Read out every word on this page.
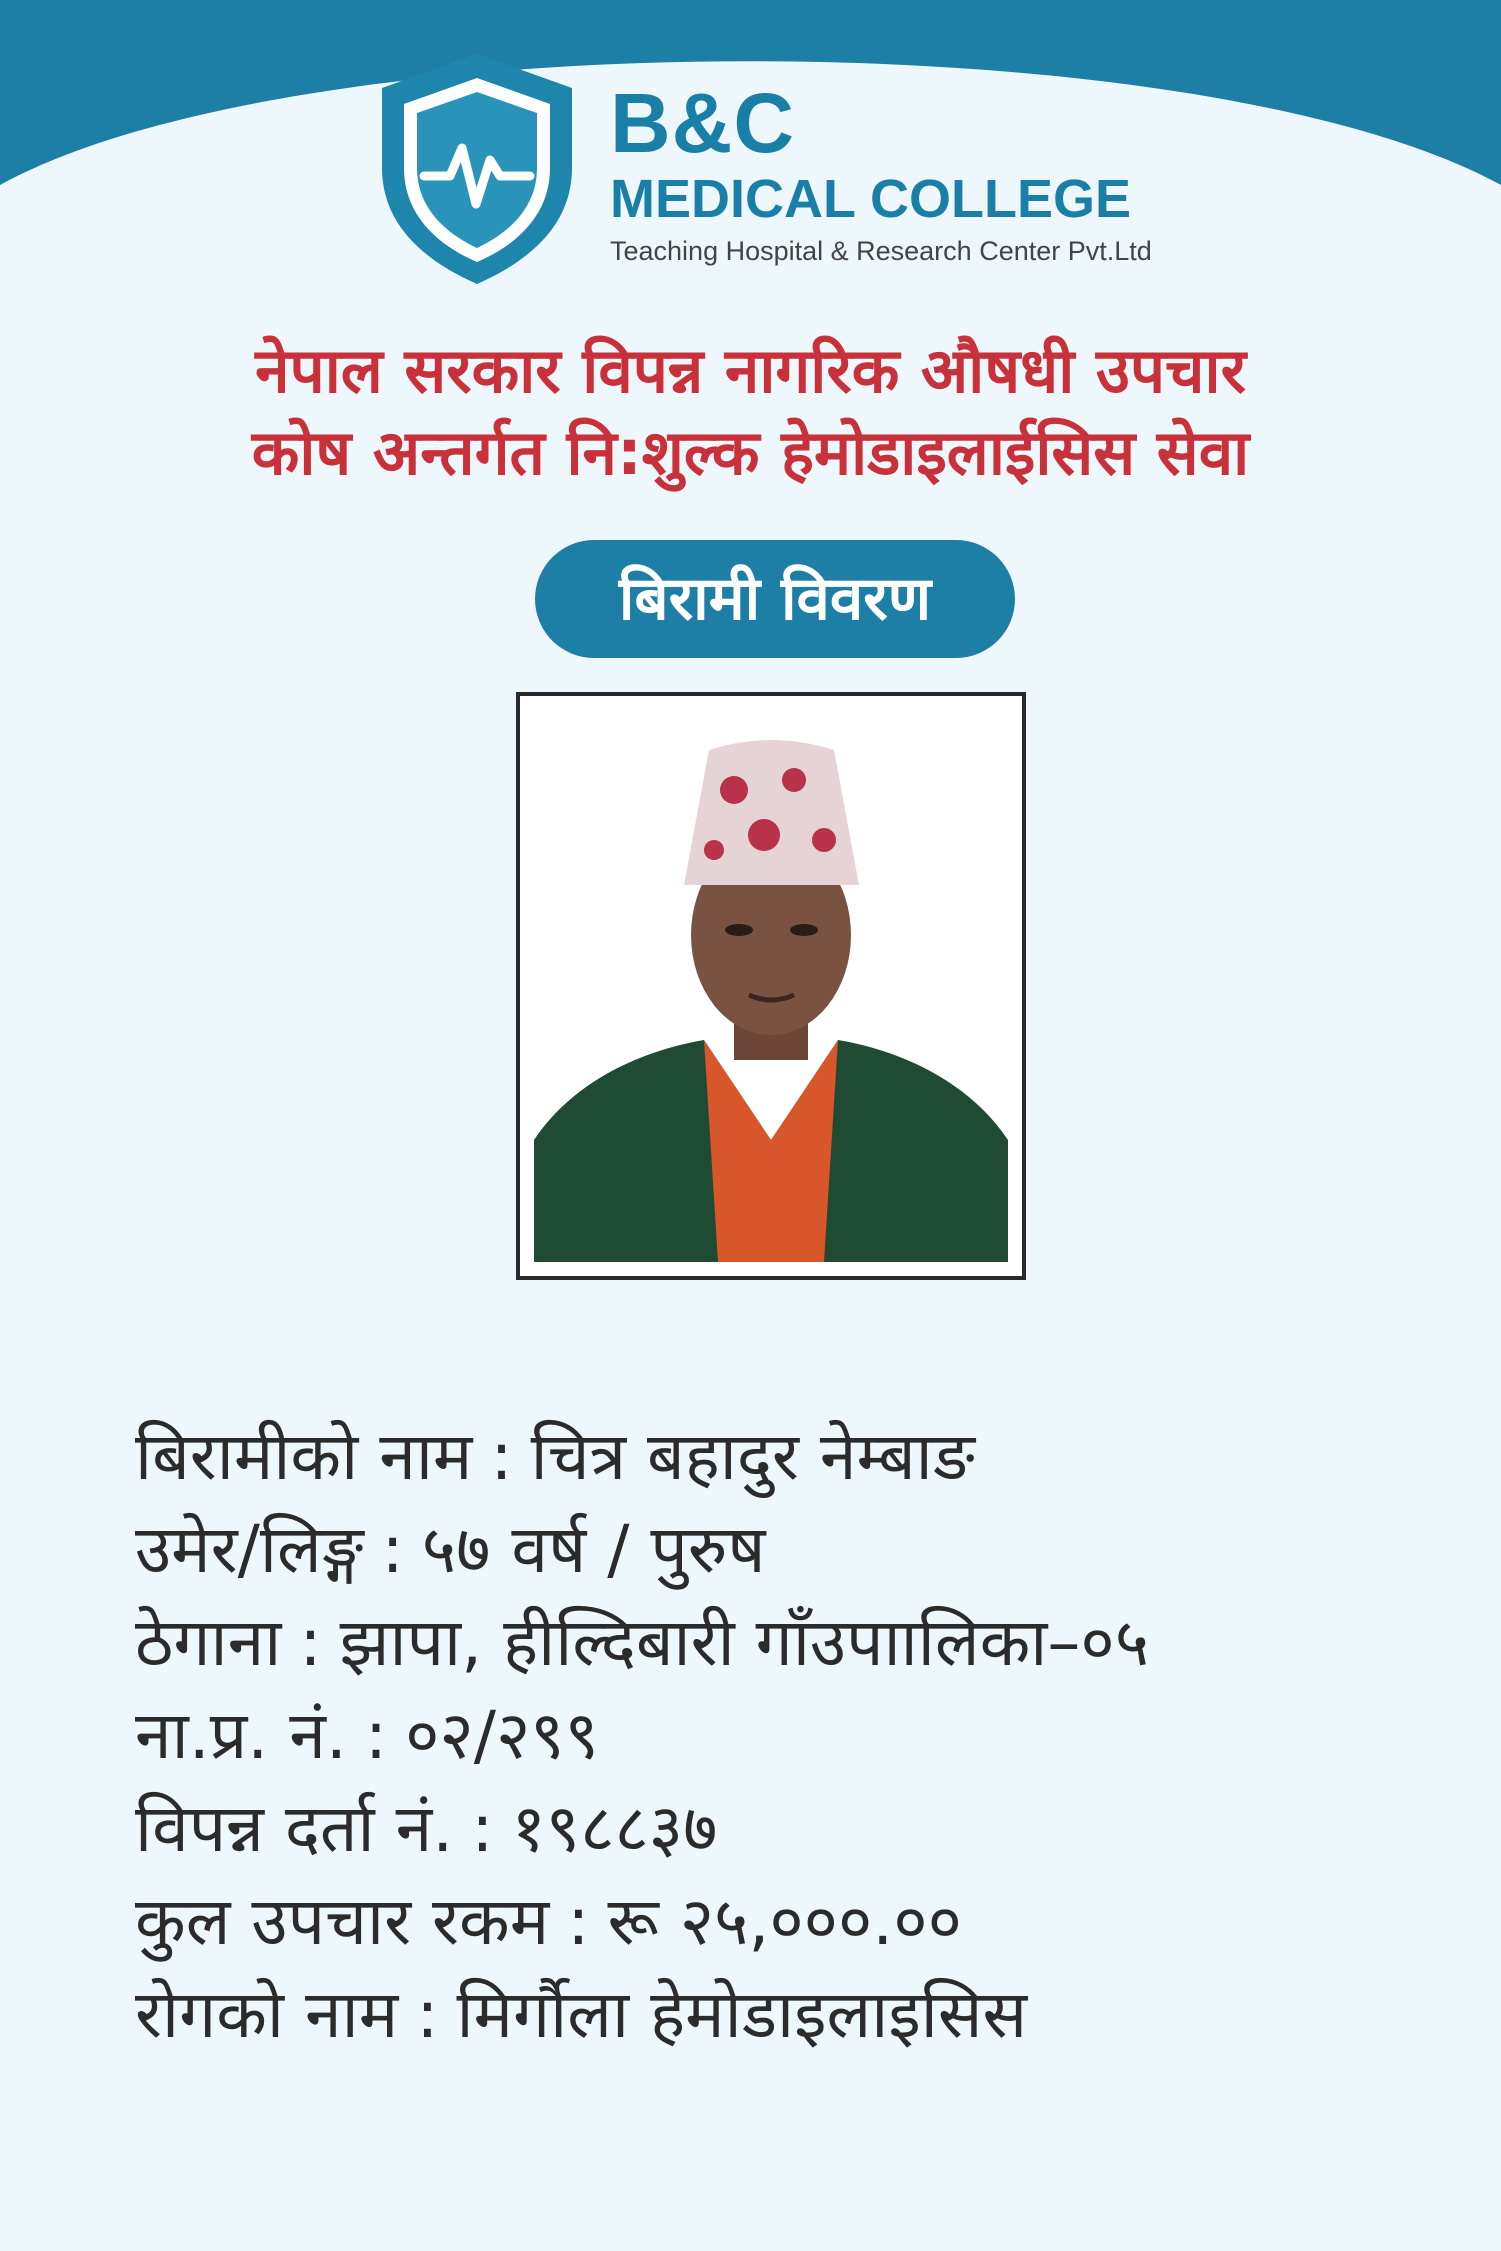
B&C
MEDICAL COLLEGE
Teaching Hospital & Research Center Pvt.Ltd
नेपाल सरकार विपन्न नागरिक औषधी उपचार
कोष अन्तर्गत नि:शुल्क हेमोडाइलाईसिस सेवा
बिरामी विवरण
बिरामीको नाम : चित्र बहादुर नेम्बाङ
उमेर/लिङ्ग : ५७ वर्ष / पुरुष
ठेगाना : झापा, हील्दिबारी गाँउपाालिका–०५
ना.प्र. नं. : ०२/२९९
विपन्न दर्ता नं. : १९८८३७
कुल उपचार रकम : रू २५,०००.००
रोगको नाम : मिर्गौला हेमोडाइलाइसिस
